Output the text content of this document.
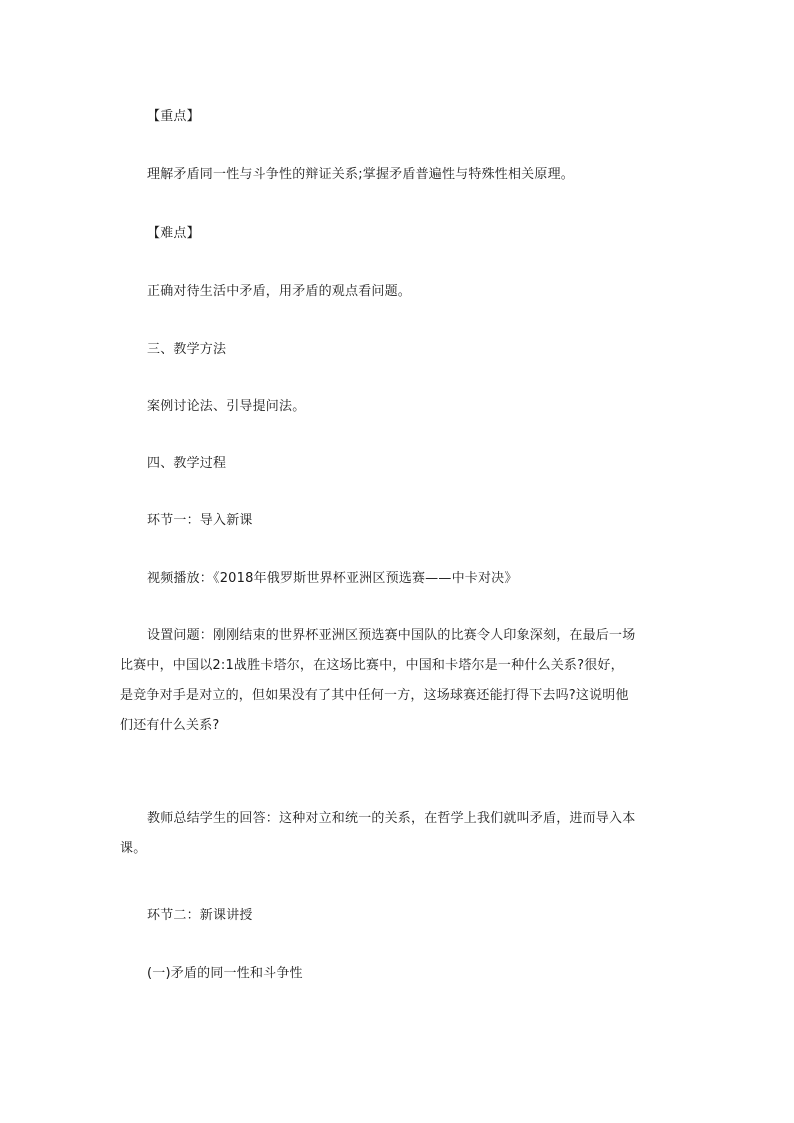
【重点】
理解矛盾同一性与斗争性的辩证关系;掌握矛盾普遍性与特殊性相关原理。
【难点】
正确对待生活中矛盾，用矛盾的观点看问题。
三、教学方法
案例讨论法、引导提问法。
四、教学过程
环节一：导入新课
视频播放：《2018年俄罗斯世界杯亚洲区预选赛——中卡对决》
设置问题：刚刚结束的世界杯亚洲区预选赛中国队的比赛令人印象深刻，在最后一场
比赛中，中国以2:1战胜卡塔尔，在这场比赛中，中国和卡塔尔是一种什么关系?很好，
是竞争对手是对立的，但如果没有了其中任何一方，这场球赛还能打得下去吗?这说明他
们还有什么关系?
教师总结学生的回答：这种对立和统一的关系，在哲学上我们就叫矛盾，进而导入本
课。
环节二：新课讲授
(一)矛盾的同一性和斗争性
